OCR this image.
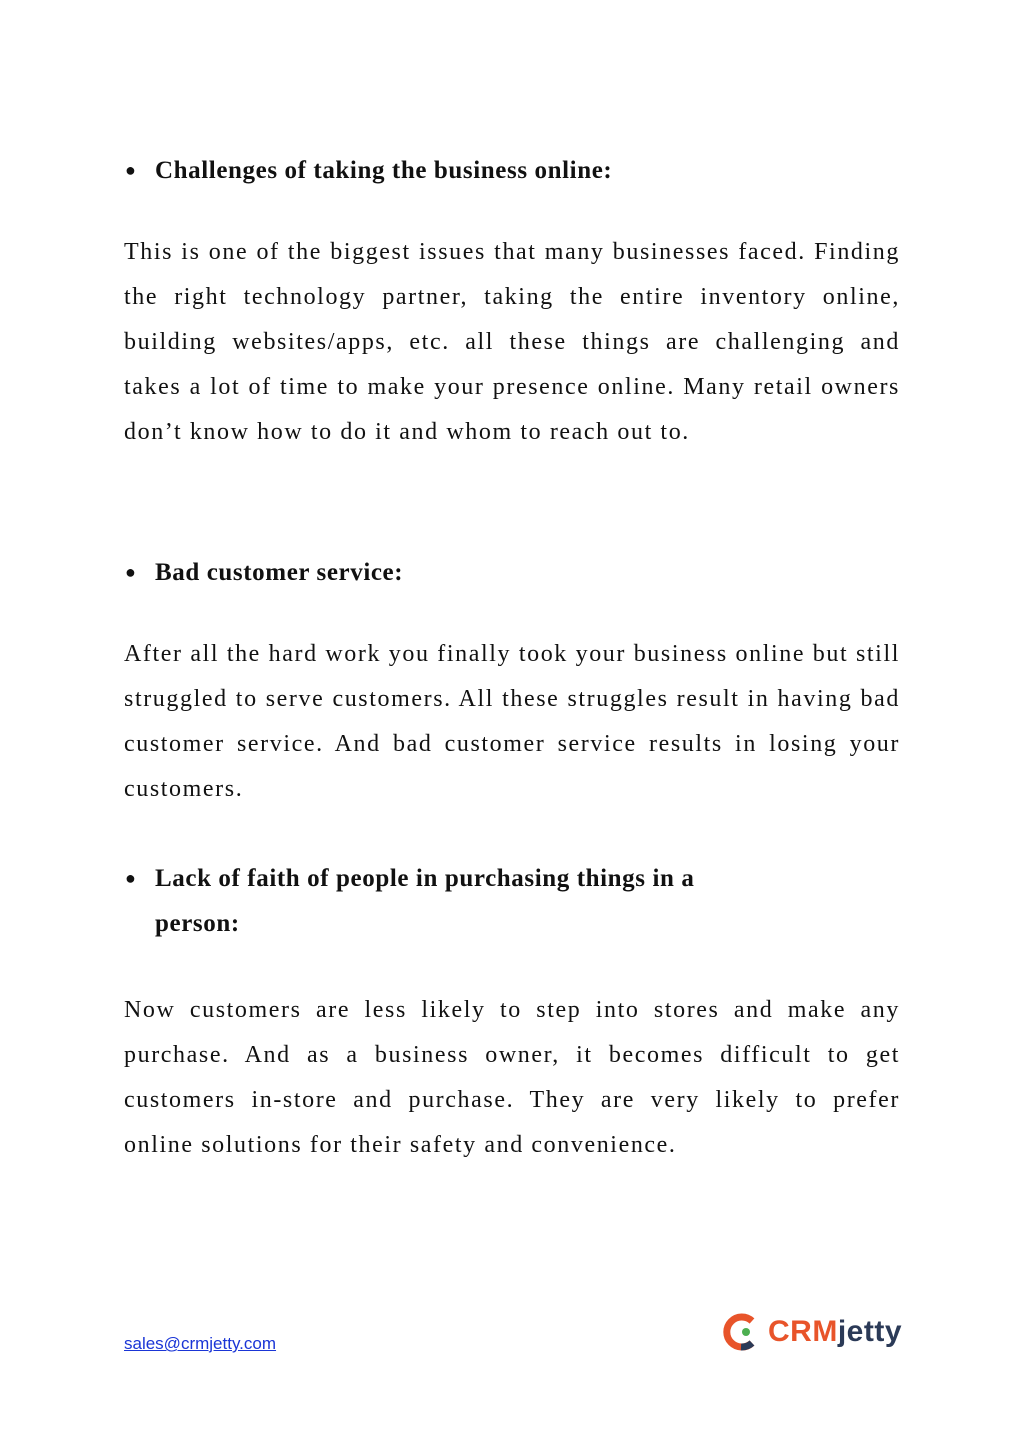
● Challenges of taking the business online:

This is one of the biggest issues that many businesses faced. Finding the right technology partner, taking the entire inventory online, building websites/apps, etc. all these things are challenging and takes a lot of time to make your presence online. Many retail owners don’t know how to do it and whom to reach out to.

● Bad customer service:

After all the hard work you finally took your business online but still struggled to serve customers. All these struggles result in having bad customer service. And bad customer service results in losing your customers.

● Lack of faith of people in purchasing things in a
person:

Now customers are less likely to step into stores and make any purchase. And as a business owner, it becomes difficult to get customers in-store and purchase. They are very likely to prefer online solutions for their safety and convenience.

sales@crmjetty.com	CRMjetty
